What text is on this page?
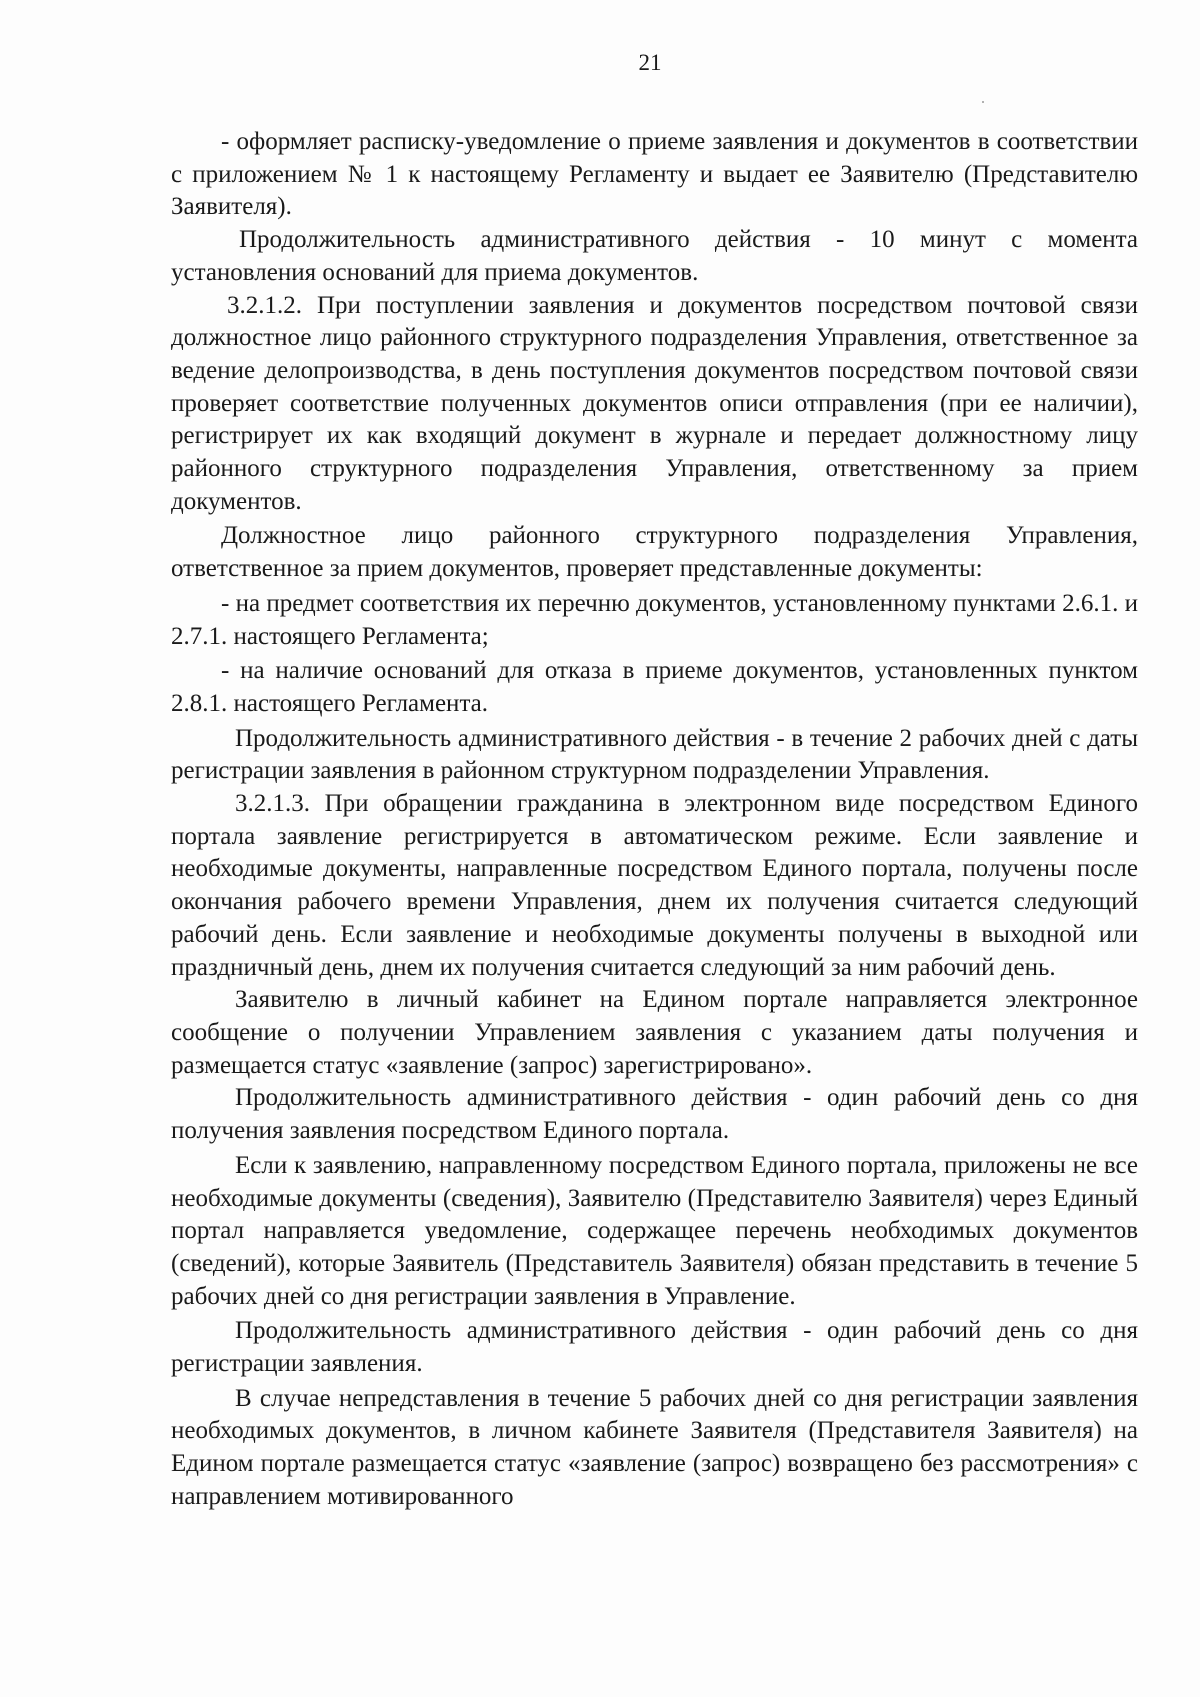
21

- оформляет расписку-уведомление о приеме заявления и документов в соответствии с приложением № 1 к настоящему Регламенту и выдает ее Заявителю (Представителю Заявителя).

Продолжительность административного действия - 10 минут с момента установления оснований для приема документов.

3.2.1.2. При поступлении заявления и документов посредством почтовой связи должностное лицо районного структурного подразделения Управления, ответственное за ведение делопроизводства, в день поступления документов посредством почтовой связи проверяет соответствие полученных документов описи отправления (при ее наличии), регистрирует их как входящий документ в журнале и передает должностному лицу районного структурного подразделения Управления, ответственному за прием документов.

Должностное лицо районного структурного подразделения Управления, ответственное за прием документов, проверяет представленные документы:

- на предмет соответствия их перечню документов, установленному пунктами 2.6.1. и 2.7.1. настоящего Регламента;

- на наличие оснований для отказа в приеме документов, установленных пунктом 2.8.1. настоящего Регламента.

Продолжительность административного действия - в течение 2 рабочих дней с даты регистрации заявления в районном структурном подразделении Управления.

3.2.1.3. При обращении гражданина в электронном виде посредством Единого портала заявление регистрируется в автоматическом режиме. Если заявление и необходимые документы, направленные посредством Единого портала, получены после окончания рабочего времени Управления, днем их получения считается следующий рабочий день. Если заявление и необходимые документы получены в выходной или праздничный день, днем их получения считается следующий за ним рабочий день.

Заявителю в личный кабинет на Едином портале направляется электронное сообщение о получении Управлением заявления с указанием даты получения и размещается статус «заявление (запрос) зарегистрировано».

Продолжительность административного действия - один рабочий день со дня получения заявления посредством Единого портала.

Если к заявлению, направленному посредством Единого портала, приложены не все необходимые документы (сведения), Заявителю (Представителю Заявителя) через Единый портал направляется уведомление, содержащее перечень необходимых документов (сведений), которые Заявитель (Представитель Заявителя) обязан представить в течение 5 рабочих дней со дня регистрации заявления в Управление.

Продолжительность административного действия - один рабочий день со дня регистрации заявления.

В случае непредставления в течение 5 рабочих дней со дня регистрации заявления необходимых документов, в личном кабинете Заявителя (Представителя Заявителя) на Едином портале размещается статус «заявление (запрос) возвращено без рассмотрения» с направлением мотивированного
